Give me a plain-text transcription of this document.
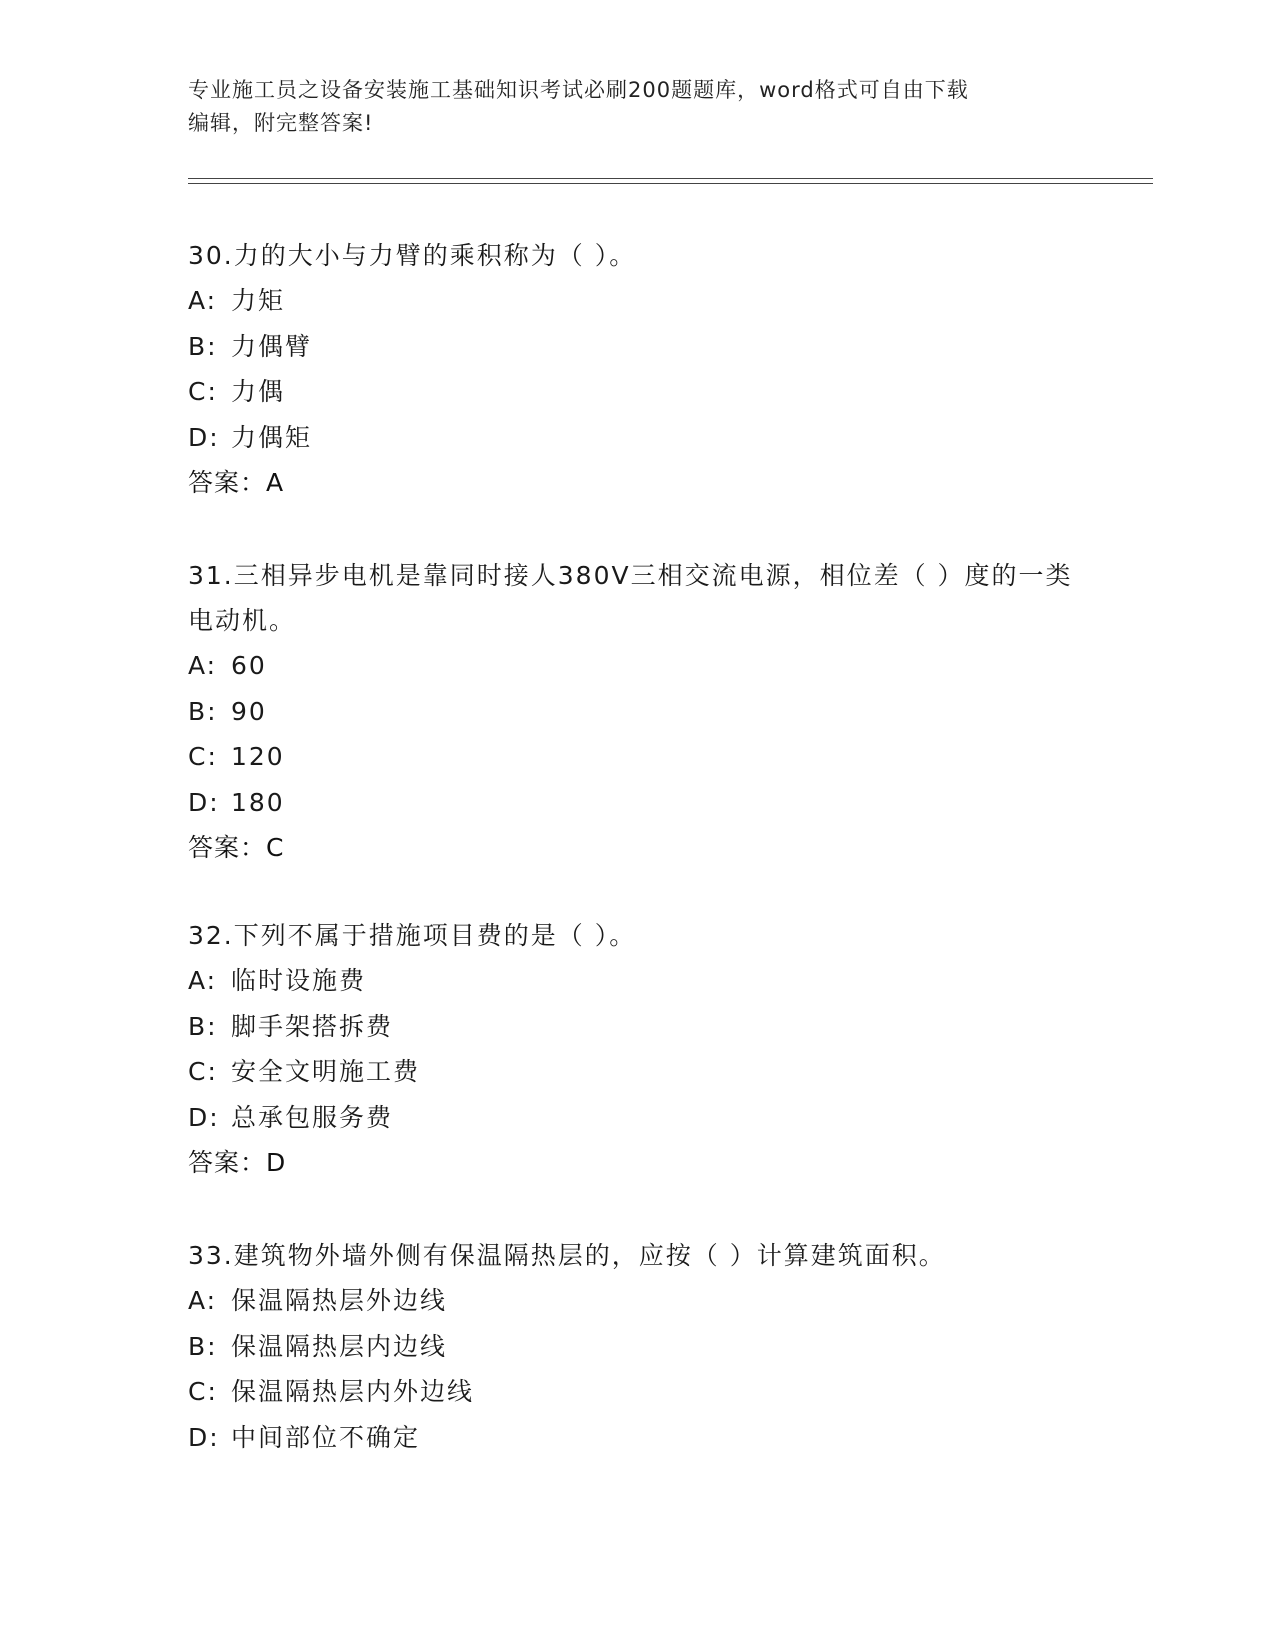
专业施工员之设备安装施工基础知识考试必刷200题题库，word格式可自由下载
编辑，附完整答案!

30.力的大小与力臂的乘积称为（ ）。

A: 力矩

B: 力偶臂

C: 力偶

D: 力偶矩

答案：A

31.三相异步电机是靠同时接人380V三相交流电源，相位差（ ）度的一类电动机。

A: 60

B: 90

C: 120

D: 180

答案：C

32.下列不属于措施项目费的是（ ）。

A: 临时设施费

B: 脚手架搭拆费

C: 安全文明施工费

D: 总承包服务费

答案：D

33.建筑物外墙外侧有保温隔热层的，应按（ ）计算建筑面积。

A: 保温隔热层外边线

B: 保温隔热层内边线

C: 保温隔热层内外边线

D: 中间部位不确定
